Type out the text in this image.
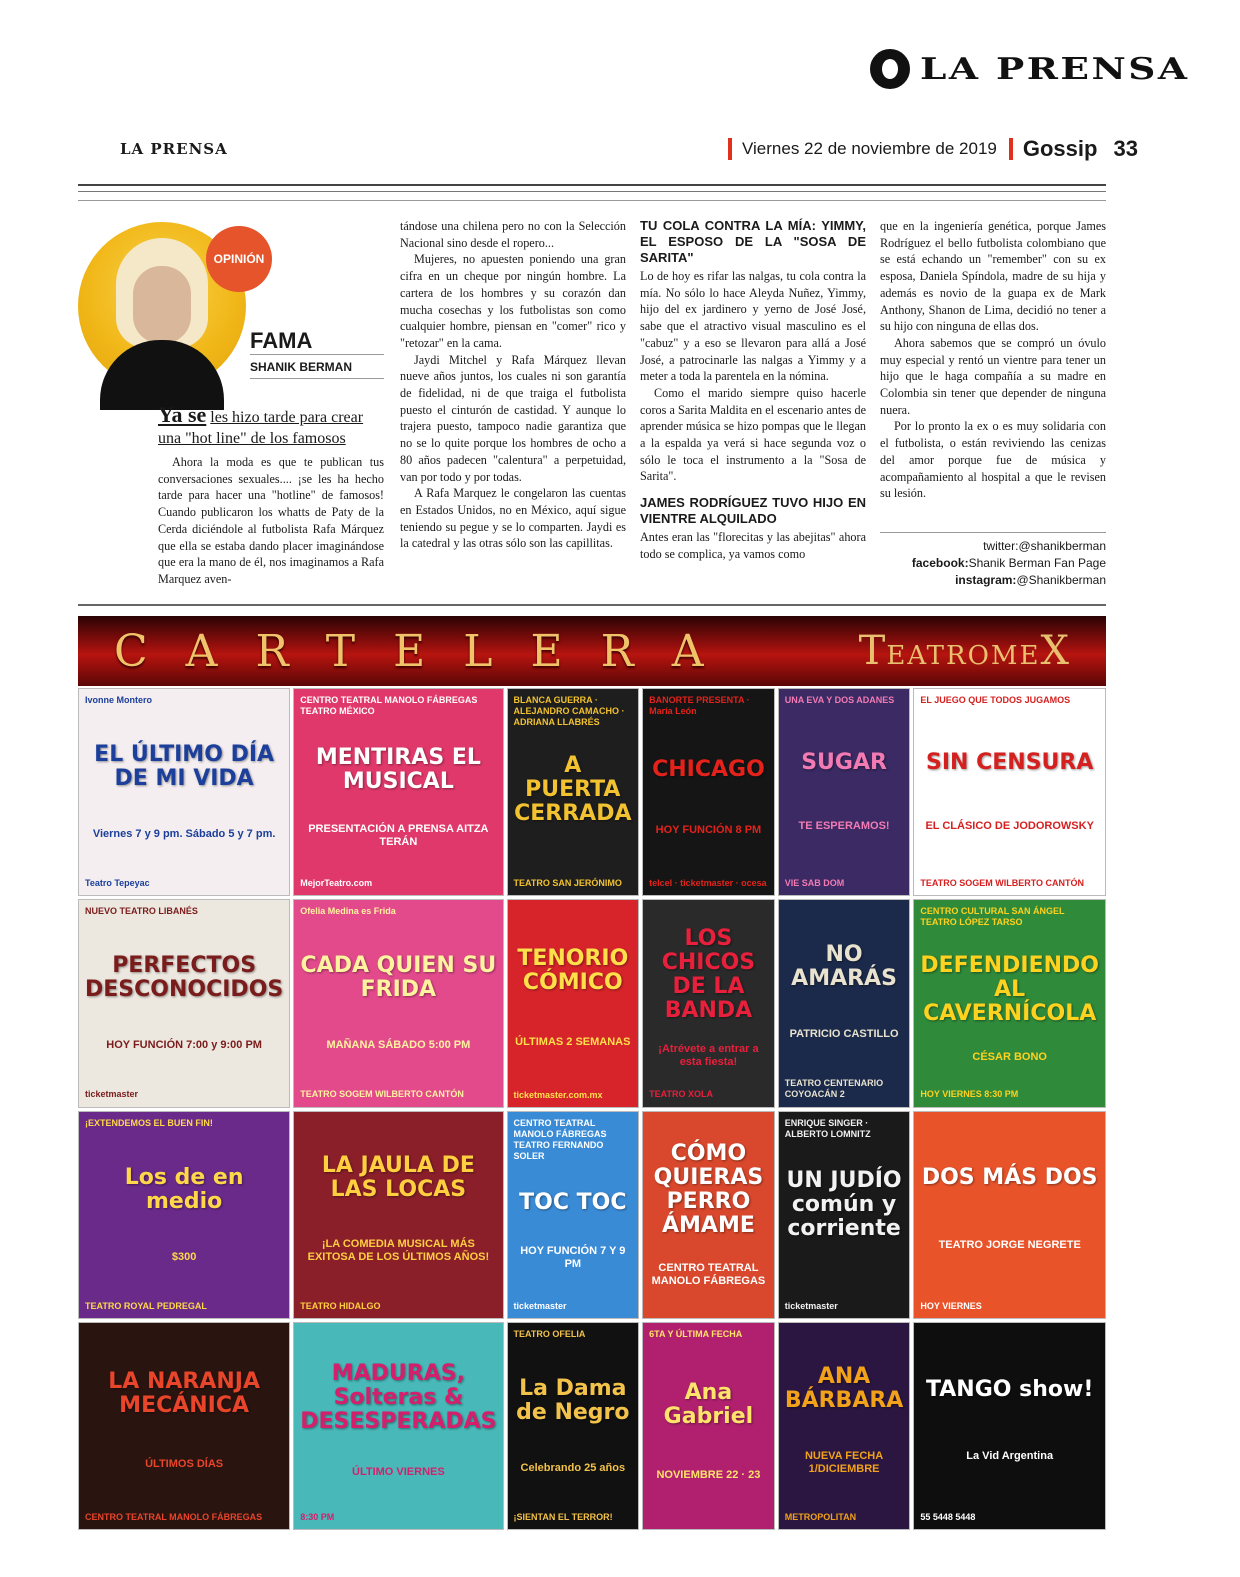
LA PRENSA
LA PRENSA	Viernes 22 de noviembre de 2019 Gossip 33
OPINIÓN
FAMA
SHANIK BERMAN
Ya se les hizo tarde para crear una "hot line" de los famosos

Ahora la moda es que te publican tus conversaciones sexuales.... ¡se les ha hecho tarde para hacer una "hotline" de famosos! Cuando publicaron los whatts de Paty de la Cerda diciéndole al futbolista Rafa Márquez que ella se estaba dando placer imaginándose que era la mano de él, nos imaginamos a Rafa Marquez aven-

tándose una chilena pero no con la Selección Nacional sino desde el ropero...

Mujeres, no apuesten poniendo una gran cifra en un cheque por ningún hombre. La cartera de los hombres y su corazón dan mucha cosechas y los futbolistas son como cualquier hombre, piensan en "comer" rico y "retozar" en la cama.

Jaydi Mitchel y Rafa Márquez llevan nueve años juntos, los cuales ni son garantía de fidelidad, ni de que traiga el futbolista puesto el cinturón de castidad. Y aunque lo trajera puesto, tampoco nadie garantiza que no se lo quite porque los hombres de ocho a 80 años padecen "calentura" a perpetuidad, van por todo y por todas.

A Rafa Marquez le congelaron las cuentas en Estados Unidos, no en México, aquí sigue teniendo su pegue y se lo comparten. Jaydi es la catedral y las otras sólo son las capillitas.

TU COLA CONTRA LA MÍA: YIMMY, EL ESPOSO DE LA "SOSA DE SARITA"

Lo de hoy es rifar las nalgas, tu cola contra la mía. No sólo lo hace Aleyda Nuñez, Yimmy, hijo del ex jardinero y yerno de José José, sabe que el atractivo visual masculino es el "cabuz" y a eso se llevaron para allá a José José, a patrocinarle las nalgas a Yimmy y a meter a toda la parentela en la nómina.

Como el marido siempre quiso hacerle coros a Sarita Maldita en el escenario antes de aprender música se hizo pompas que le llegan a la espalda ya verá si hace segunda voz o sólo le toca el instrumento a la "Sosa de Sarita".

JAMES RODRÍGUEZ TUVO HIJO EN VIENTRE ALQUILADO

Antes eran las "florecitas y las abejitas" ahora todo se complica, ya vamos como

que en la ingeniería genética, porque James Rodríguez el bello futbolista colombiano que se está echando un "remember" con su ex esposa, Daniela Spíndola, madre de su hija y además es novio de la guapa ex de Mark Anthony, Shanon de Lima, decidió no tener a su hijo con ninguna de ellas dos.

Ahora sabemos que se compró un óvulo muy especial y rentó un vientre para tener un hijo que le haga compañía a su madre en Colombia sin tener que depender de ninguna nuera.

Por lo pronto la ex o es muy solidaria con el futbolista, o están reviviendo las cenizas del amor porque fue de música y acompañamiento al hospital a que le revisen su lesión.

twitter:@shanikberman
facebook:Shanik Berman Fan Page
instagram:@Shanikberman
CARTELERA	TEATROMEX
Ivonne Montero
EL ÚLTIMO DÍA DE MI VIDA
Viernes 7 y 9 pm. Sábado 5 y 7 pm.
Teatro Tepeyac
CENTRO TEATRAL MANOLO FÁBREGAS TEATRO MÉXICO
MENTIRAS EL MUSICAL
PRESENTACIÓN A PRENSA AITZA TERÁN
MejorTeatro.com
BLANCA GUERRA · ALEJANDRO CAMACHO · ADRIANA LLABRÉS
A PUERTA CERRADA
TEATRO SAN JERÓNIMO
BANORTE PRESENTA · María León
CHICAGO
HOY FUNCIÓN 8 PM
telcel · ticketmaster · ocesa
UNA EVA Y DOS ADANES
SUGAR
TE ESPERAMOS!
VIE SAB DOM
EL JUEGO QUE TODOS JUGAMOS
SIN CENSURA
EL CLÁSICO DE JODOROWSKY
TEATRO SOGEM WILBERTO CANTÓN
NUEVO TEATRO LIBANÉS
PERFECTOS DESCONOCIDOS
HOY FUNCIÓN 7:00 y 9:00 PM
ticketmaster
Ofelia Medina es Frida
CADA QUIEN SU FRIDA
MAÑANA SÁBADO 5:00 PM
TEATRO SOGEM WILBERTO CANTÓN
TENORIO CÓMICO
ÚLTIMAS 2 SEMANAS
ticketmaster.com.mx
LOS CHICOS DE LA BANDA
¡Atrévete a entrar a esta fiesta!
TEATRO XOLA
NO AMARÁS
PATRICIO CASTILLO
TEATRO CENTENARIO COYOACÁN 2
CENTRO CULTURAL SAN ÁNGEL TEATRO LÓPEZ TARSO
DEFENDIENDO AL CAVERNÍCOLA
CÉSAR BONO
HOY VIERNES 8:30 PM
¡EXTENDEMOS EL BUEN FIN!
Los de en medio
$300
TEATRO ROYAL PEDREGAL
LA JAULA DE LAS LOCAS
¡LA COMEDIA MUSICAL MÁS EXITOSA DE LOS ÚLTIMOS AÑOS!
TEATRO HIDALGO
CENTRO TEATRAL MANOLO FÁBREGAS TEATRO FERNANDO SOLER
TOC TOC
HOY FUNCIÓN 7 Y 9 PM
ticketmaster
CÓMO QUIERAS PERRO ÁMAME
CENTRO TEATRAL MANOLO FÁBREGAS
ENRIQUE SINGER · ALBERTO LOMNITZ
UN JUDÍO común y corriente
ticketmaster
DOS MÁS DOS
TEATRO JORGE NEGRETE
HOY VIERNES
LA NARANJA MECÁNICA
ÚLTIMOS DÍAS
CENTRO TEATRAL MANOLO FÁBREGAS
MADURAS, Solteras & DESESPERADAS
ÚLTIMO VIERNES
8:30 PM
TEATRO OFELIA
La Dama de Negro
Celebrando 25 años
¡SIENTAN EL TERROR!
6TA Y ÚLTIMA FECHA
Ana Gabriel
NOVIEMBRE 22 · 23
ANA BÁRBARA
NUEVA FECHA 1/DICIEMBRE
METROPOLITAN
TANGO show!
La Vid Argentina
55 5448 5448
